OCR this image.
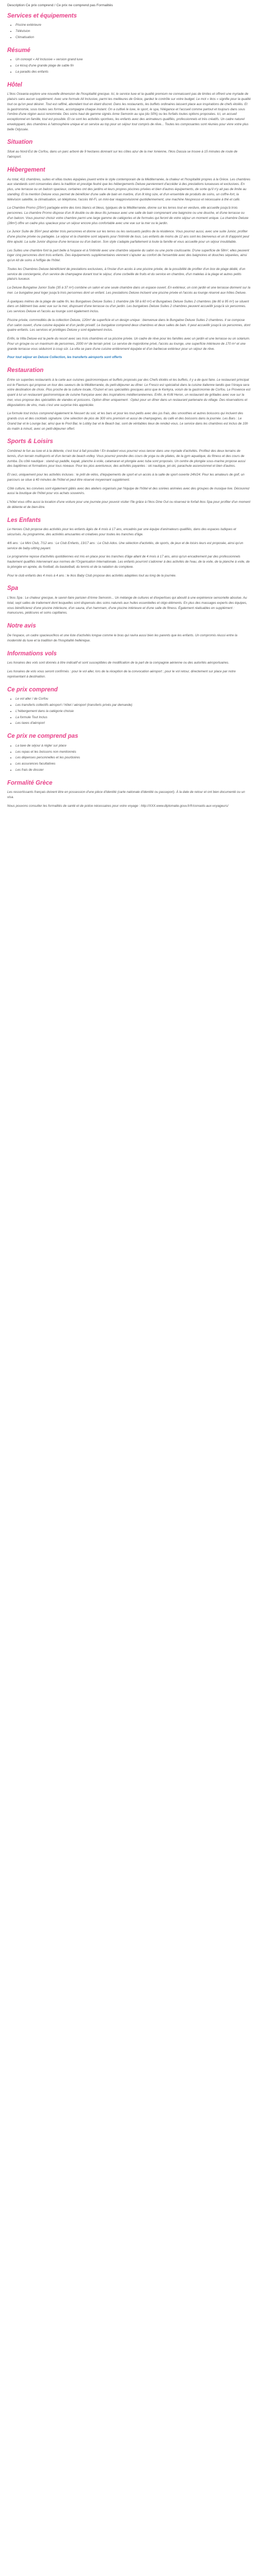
Description Ce prix comprend / Ce prix ne comprend pas Formalités
Services et équipements
• Piscine extérieure
• Télévision
• Climatisation
Résumé
• Un concept « All Inclusive » version grand luxe
• Le kiosq d'une grande plage de sable fin
• La paradis des enfants
Hôtel

L'Ikos Oceania explore une nouvelle dimension de l'hospitalité grecque. Ici, le service luxe et la qualité premium ne connaissent pas de limites et offrent une myriade de plaisirs sans aucun supplément. Avec une formule All Inclusive, parmi les meilleures de Grèce, gardez le contrôle sur votre budget. Le mot « Ikos » signifie pour la qualité tout ce qu'on peut désirer. Tout est raffiné, abondant tout en étant discret. Dans les restaurants, les buffets ordinaires laissent place aux inspirations de chefs étoilés. Et la gastronomie, sous toutes ses formes, accompagne chaque instant. On a cultivé le luxe, le sport, le spa, l'élégance et l'accueil comme partout et toujours dans sous l'ombre d'une région aussi renommée. Des soins haut de gamme signés Anne Semonin au spa (du SPA) ou les forfaits toutes options proposées. Ici, un accueil exceptionnel en famille, tout est possible. Et ce sont les activités sportives, les enfants avec des animateurs qualifiés, professionnels et très créatifs. Un cadre naturel enveloppant, des chambres à l'atmosphère unique et un service au top pour un séjour tout compris de rêve... Toutes les composantes sont réunies pour vivre votre plus belle Odyssée.

Situation

Situé au Nord-Est de Corfou, dans un parc arboré de 9 hectares donnant sur les côtes azur de la mer Ionienne, l'Ikos Dassia se trouve à 15 minutes de route de l'aéroport.

Hébergement

Au total, 411 chambres, suites et villas toutes équipées jouent entre le style contemporain de la Méditerranée, la chaleur et l'hospitalité propres à la Grèce. Les chambres aux standards sont conservées dans la tradition et prestige feutré que les hébergements Deluxe parviennent d'accéder à des prestations luxueuses et exclusives. En plus, une terrasse ou un balcon spacieux, certaines ont des jardins et leurs propres piscines privées et bien d'autres équipements, de sorte qu'il n'y ait pas de limite au standing. Et la mention Deluxe vous permet de bénéficier d'une salle de bain en marbre, d'un lit king size, et d'un ensemble de produits de soins, un coffre-fort, la télévision satellite, la climatisation, un téléphone, l'accès Wi-Fi, un mini-bar réapprovisionné quotidiennement, une machine Nespresso et nécessaire à thé et café.

La Chambre Promo (25m²) partagée entre des tons blancs et bleus, typiques de la Méditerranée, donne sur les terres tout en verdure, elle accueille jusqu'à trois personnes. La chambre Promo dispose d'un lit double ou de deux lits jumeaux avec une salle de bain comprenant une baignoire ou une douche, et d'une terrasse ou d'un balcon. Vous pourrez choisir votre chambre parmi une large gamme de catégories et de formules qui feront de votre séjour un moment unique. La chambre Deluxe (28m²) offre un cadre plus spacieux pour un séjour encore plus confortable avec une vue sur la mer ou le jardin.

Le Junior Suite de 35m² peut abriter trois personnes et donne sur les terres ou les ravissants jardins de la résidence. Vous pourrez aussi, avec une suite Junior, profiter d'une piscine privée ou partagée. Le séjour et la chambre sont séparés pour l'intimité de tous. Les enfants de moins de 12 ans sont les bienvenus et un lit d'appoint peut être ajouté. La suite Junior dispose d'une terrasse ou d'un balcon. Son style s'adapte parfaitement à toute la famille et vous accueille pour un séjour inoubliable.

Les Suites une chambre font la part belle à l'espace et à l'intimité avec une chambre séparée du salon ou une porte coulissante. D'une superficie de 58m², elles peuvent loger cinq personnes dont trois enfants. Des équipements supplémentaires viennent s'ajouter au confort de l'ensemble avec des baignoires et douches séparées, ainsi qu'un kit de soins à l'effigie de l'hôtel.

Toutes les Chambres Deluxe bénéficient de prestations exclusives, à l'instar d'un accès à une piscine privée, de la possibilité de profiter d'un box de plage dédié, d'un service de conciergerie, d'un service de champagne durant tout le séjour, d'une corbeille de fruits et du service en chambre, d'un matelas à la plage et autres petits plaisirs luxueux.

La Deluxe Bungalow Junior Suite (35 à 37 m²) combine un salon et une seule chambre dans un espace ouvert. En extérieur, un coin jardin et une terrasse donnent sur la mer. Le bungalow peut loger jusqu'à trois personnes dont un enfant. Les prestations Deluxe incluent une piscine privée et l'accès au lounge réservé aux hôtes Deluxe.

À quelques mètres de la plage de sable fin, les Bungalows Deluxe Suites 1 chambre (de 58 à 60 m²) et Bungalows Deluxe Suites 2 chambres (de 80 à 95 m²) se situent dans un bâtiment bas avec vue sur la mer, disposant d'une terrasse ou d'un jardin. Les bungalows Deluxe Suites 2 chambres peuvent accueillir jusqu'à six personnes. Les services Deluxe et l'accès au lounge sont également inclus.

Piscine privée, commodités de la collection Deluxe, 120m² de superficie et un design unique : bienvenue dans le Bungalow Deluxe Suites 2 chambres. Il se compose d'un salon ouvert, d'une cuisine équipée et d'un jardin privatif. Le bungalow comprend deux chambres et deux salles de bain. Il peut accueillir jusqu'à six personnes, dont quatre enfants. Les services et privilèges Deluxe y sont également inclus.

Enfin, la Villa Deluxe est la perle du resort avec ses trois chambres et sa piscine privée. Un cadre de rêve pour les familles avec un jardin et une terrasse ou un solarium. Pour un groupe ou un maximum de personnes, 2000 m² de terrain privé. Le service de majordome privé, l'accès au lounge, une superficie intérieure de 170 m² et une grande terrasse vous séduiront à coup sûr. La villa se pare d'une cuisine entièrement équipée et d'un barbecue extérieur pour un séjour de rêve.

Pour tout séjour en Deluxe Collection, les transferts aéroports sont offerts
Restauration

Entre six superbes restaurants à la carte aux cuisines gastronomiques et buffets proposés par des Chefs étoilés et les buffets, il y a de quoi faire. Le restaurant principal est le Flavours qui propose un tour des saveurs de la Méditerranée, du petit-déjeuner au dîner. Le Fresco est spécialisé dans la cuisine italienne tandis que l'Anaya sera votre destination de choix. Plus proche de la culture locale, l'Ouzeri et ses spécialités grecques ainsi que le Kerkyra, voisin de la gastronomie de Corfou. Le Provence est quant à lui un restaurant gastronomique de cuisine française avec des inspirations méditerranéennes. Enfin, le Krilli Heron, un restaurant de grillades avec vue sur la mer, vous propose des spécialités de viandes et poissons. Option dîner uniquement : Optez pour un dîner dans un restaurant partenaire du village. Des réservations et dégustations de vins, mais c'est une surprise très appréciée.

La formule tout inclus comprend également le Nessert du soir, et les bars et pour les tout-petits avec des jus frais, des smoothies et autres boissons qui incluent des grands crus et des cocktails signature. Une sélection de plus de 300 vins premium et aussi de champagnes, du café et des boissons dans la journée. Les Bars : Le Grand bar et le Lounge bar, ainsi que le Pool Bar, le Lobby bar et le Beach bar, sont de véritables lieux de rendez-vous. Le service dans les chambres est inclus de 10h du matin à minuit, avec un petit-déjeuner offert.

Sports & Loisirs

Combinez le fun au luxe et à la détente, c'est tout à fait possible ! En évadant vous pourrez vous lancer dans une myriade d'activités. Profitez des deux terrains de tennis, d'un terrain multisports et d'un terrain de beach-volley. Vous pourrez prendre des cours de yoga ou de pilates, de la gym aquatique, du fitness et des cours de zumba. Du côté nautique : stand-up paddle, kayak, planche à voile, catamaran et plongée avec tuba sont proposés. Un centre de plongée sous-marine propose aussi des baptêmes et formations pour tous niveaux. Pour les plus aventureux, des activités payantes : ski nautique, jet-ski, parachute ascensionnel et bien d'autres.

Et ceci, uniquement pour les activités incluses : le prêt de vélos, d'équipements de sport et un accès à la salle de sport ouverte 24h/24. Pour les amateurs de golf, un parcours se situe à 40 minutes de l'hôtel et peut être réservé moyennant supplément.

Côté culture, les convives sont également gâtés avec des ateliers organisés par l'équipe de l'hôtel et des soirées animées avec des groupes de musique live. Découvrez aussi la boutique de l'hôtel pour vos achats souvenirs.

L'hôtel vous offre aussi la location d'une voiture pour une journée pour pouvoir visiter l'île grâce à l'Ikos Dine Out ou réservez le forfait Ikos Spa pour profiter d'un moment de détente et de bien-être.

Les Enfants

Le Heroes Club propose des activités pour les enfants âgés de 4 mois à 17 ans, encadrés par une équipe d'animateurs qualifiés, dans des espaces ludiques et sécurisés. Au programme, des activités amusantes et créatives pour toutes les tranches d'âge.

4/6 ans : Le Mini Club, 7/12 ans : Le Club Enfants, 13/17 ans : Le Club Ados. Une sélection d'activités, de sports, de jeux et de loisirs leurs est proposée, ainsi qu'un service de baby-sitting payant.

Le programme repose d'activités quotidiennes est mis en place pour les tranches d'âge allant de 4 mois à 17 ans, ainsi qu'un encadrement par des professionnels hautement qualifiés intervenant aux normes de l'Organisation Internationale. Les enfants pourront s'adonner à des activités de l'eau, de la voile, de la planche à voile, de la plongée en apnée, du football, du basketball, du tennis et de la natation du complexe.

Pour le club enfants des 4 mois à 4 ans : le Ikos Baby Club propose des activités adaptées tout au long de la journée.

Spa

L'Ikos Spa : Le chateur grecque, le savoir-faire parisien d'Anne Semonin... Un mélange de cultures et d'expertises qui aboutit à une expérience sensorielle absolue. Au total, sept salles de traitement dont lesquelles sont dispensés des soins naturels aux huiles essentielles et oligo-éléments. En plus des massages experts des équipes, vous bénéficierez d'une piscine intérieure, d'un sauna, d'un hammam, d'une piscine intérieure et d'une salle de fitness. Également réalisables en supplément : manucures, pédicures et soins capillaires.

Notre avis

De l'espace, un cadre spacieux/Ikos et une liste d'activités longue comme le bras qui ravira aussi bien les parents que les enfants. Un compromis réussi entre la modernité du luxe et la tradition de l'hospitalité hellénique.

Informations vols

Les horaires des vols sont donnés à titre indicatif et sont susceptibles de modification de la part de la compagnie aérienne ou des autorités aéroportuaires.

Les horaires de vols vous seront confirmés : pour le vol aller, lors de la réception de la convocation aéroport ; pour le vol retour, directement sur place par notre représentant à destination.

Ce prix comprend
• Le vol aller / de Corfou
• Les transferts collectifs aéroport / hôtel / aéroport (transferts privés par demande)
• L'hébergement dans la catégorie choisie
• La formule Tout Inclus
• Les taxes d'aéroport
Ce prix ne comprend pas
• La taxe de séjour à régler sur place
• Les repas et les boissons non mentionnés
• Les dépenses personnelles et les pourboires
• Les assurances facultatives
• Les frais de dossier
Formalité Grèce

Les ressortissants français doivent être en possession d'une pièce d'identité (carte nationale d'identité ou passeport). À la date de retour et ont bien documenté ou un visa.

Nous pouvons consulter les formalités de santé et de police nécessaires pour votre voyage : http://XXX.www.diplomatie.gouv.fr/fr/conseils-aux-voyageurs/
